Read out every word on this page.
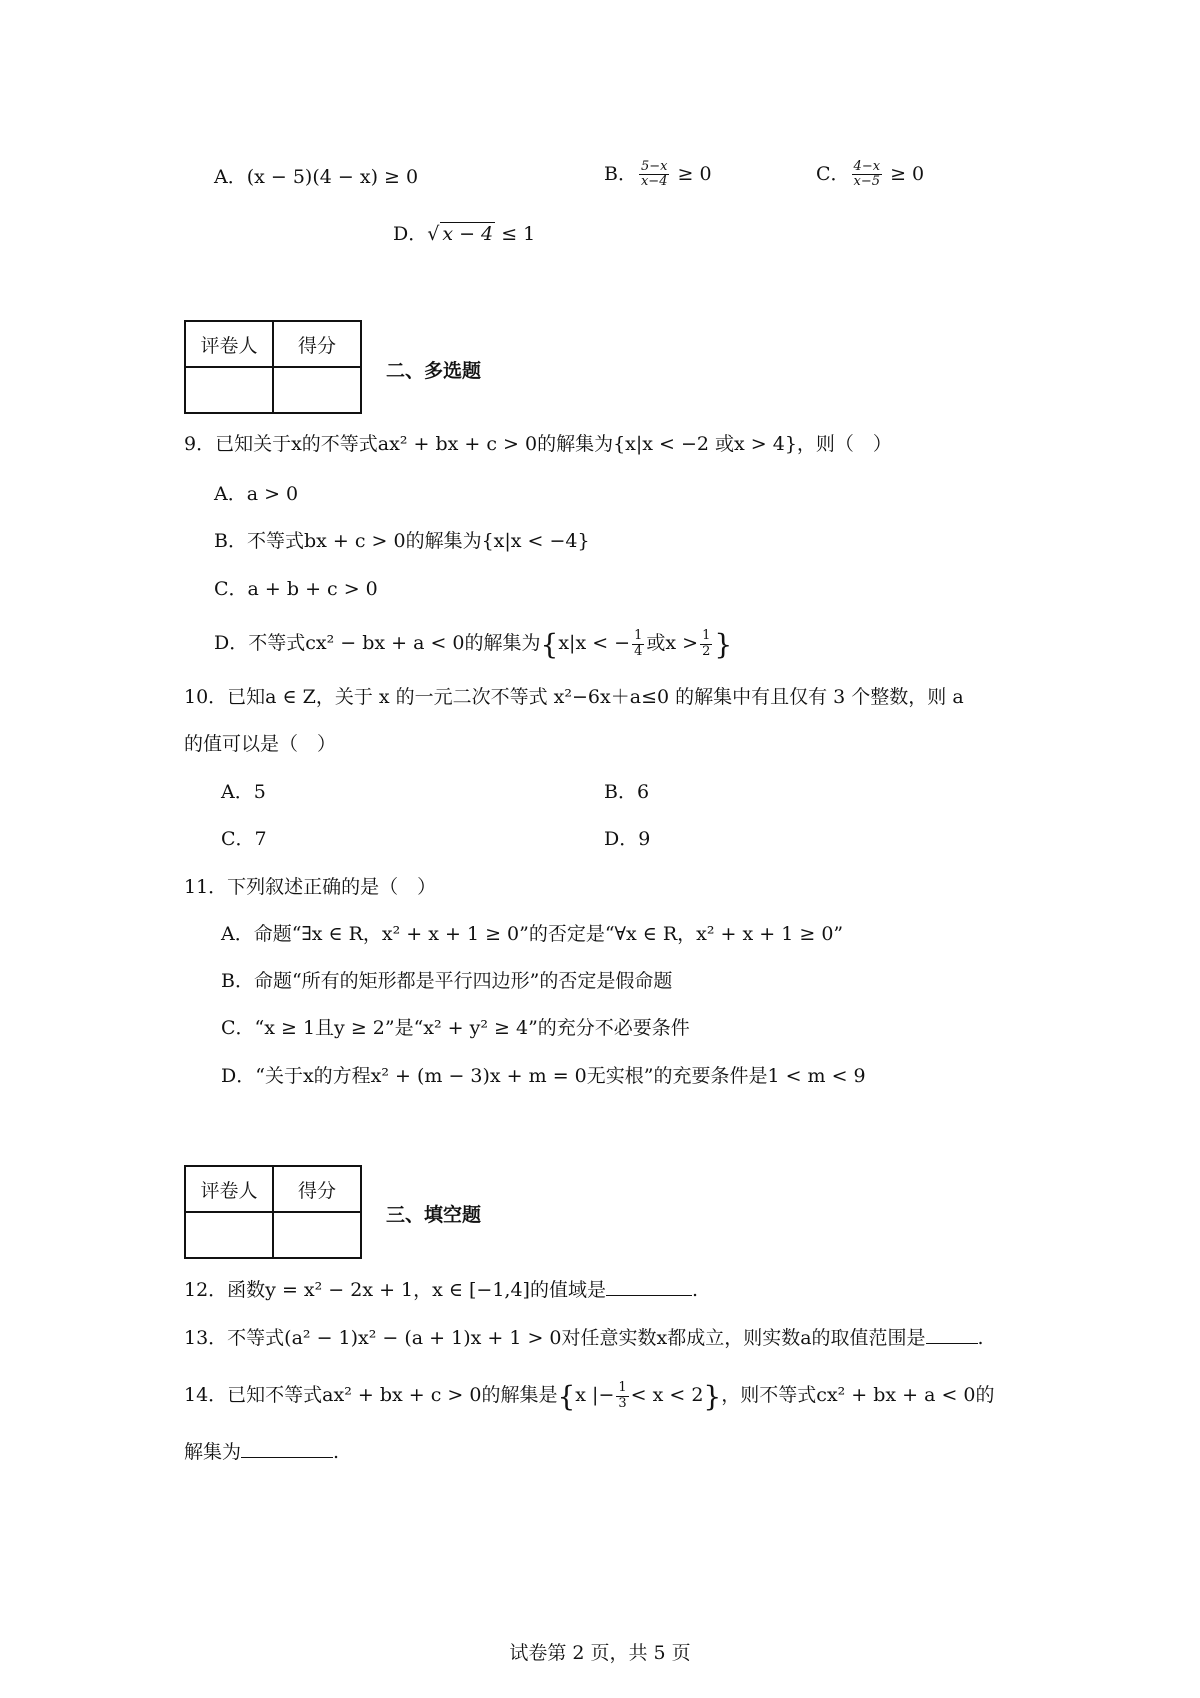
A．(x − 5)(4 − x) ≥ 0	B． $\frac{5-x}{x-4} \ge 0$	C． $\frac{4-x}{x-5} \ge 0$
D．√ x − 4 ≤ 1
评卷人	得分

二、多选题
9．已知关于x的不等式ax² + bx + c > 0的解集为{x|x < −2 或x > 4}，则（　）
A．a > 0
B．不等式bx + c > 0的解集为{x|x < −4}
C．a + b + c > 0
D．不等式cx² − bx + a < 0的解集为{x|x < − $\frac{1}{4}$ 或$x > \frac{1}{2}$ }
10．已知a ∈ Z，关于 x 的一元二次不等式 x²−6x＋a≤0 的解集中有且仅有 3 个整数，则 a
的值可以是（　）
A．5	B．6
C．7	D．9
11．下列叙述正确的是（　）
A．命题“∃x ∈ R，x² + x + 1 ≥ 0”的否定是“∀x ∈ R，x² + x + 1 ≥ 0”
B．命题“所有的矩形都是平行四边形”的否定是假命题
C．“x ≥ 1且y ≥ 2”是“x² + y² ≥ 4”的充分不必要条件
D．“关于x的方程x² + (m − 3)x + m = 0无实根”的充要条件是1 < m < 9
评卷人	得分

三、填空题
12．函数y = x² − 2x + 1，x ∈ [−1,4]的值域是	.
13．不等式(a² − 1)x² − (a + 1)x + 1 > 0对任意实数x都成立，则实数a的取值范围是	.
14．已知不等式ax² + bx + c > 0的解集是{x |− $\frac{1}{3} < x < 2$}，则不等式cx² + bx + a < 0的
解集为	.
试卷第 2 页，共 5 页
